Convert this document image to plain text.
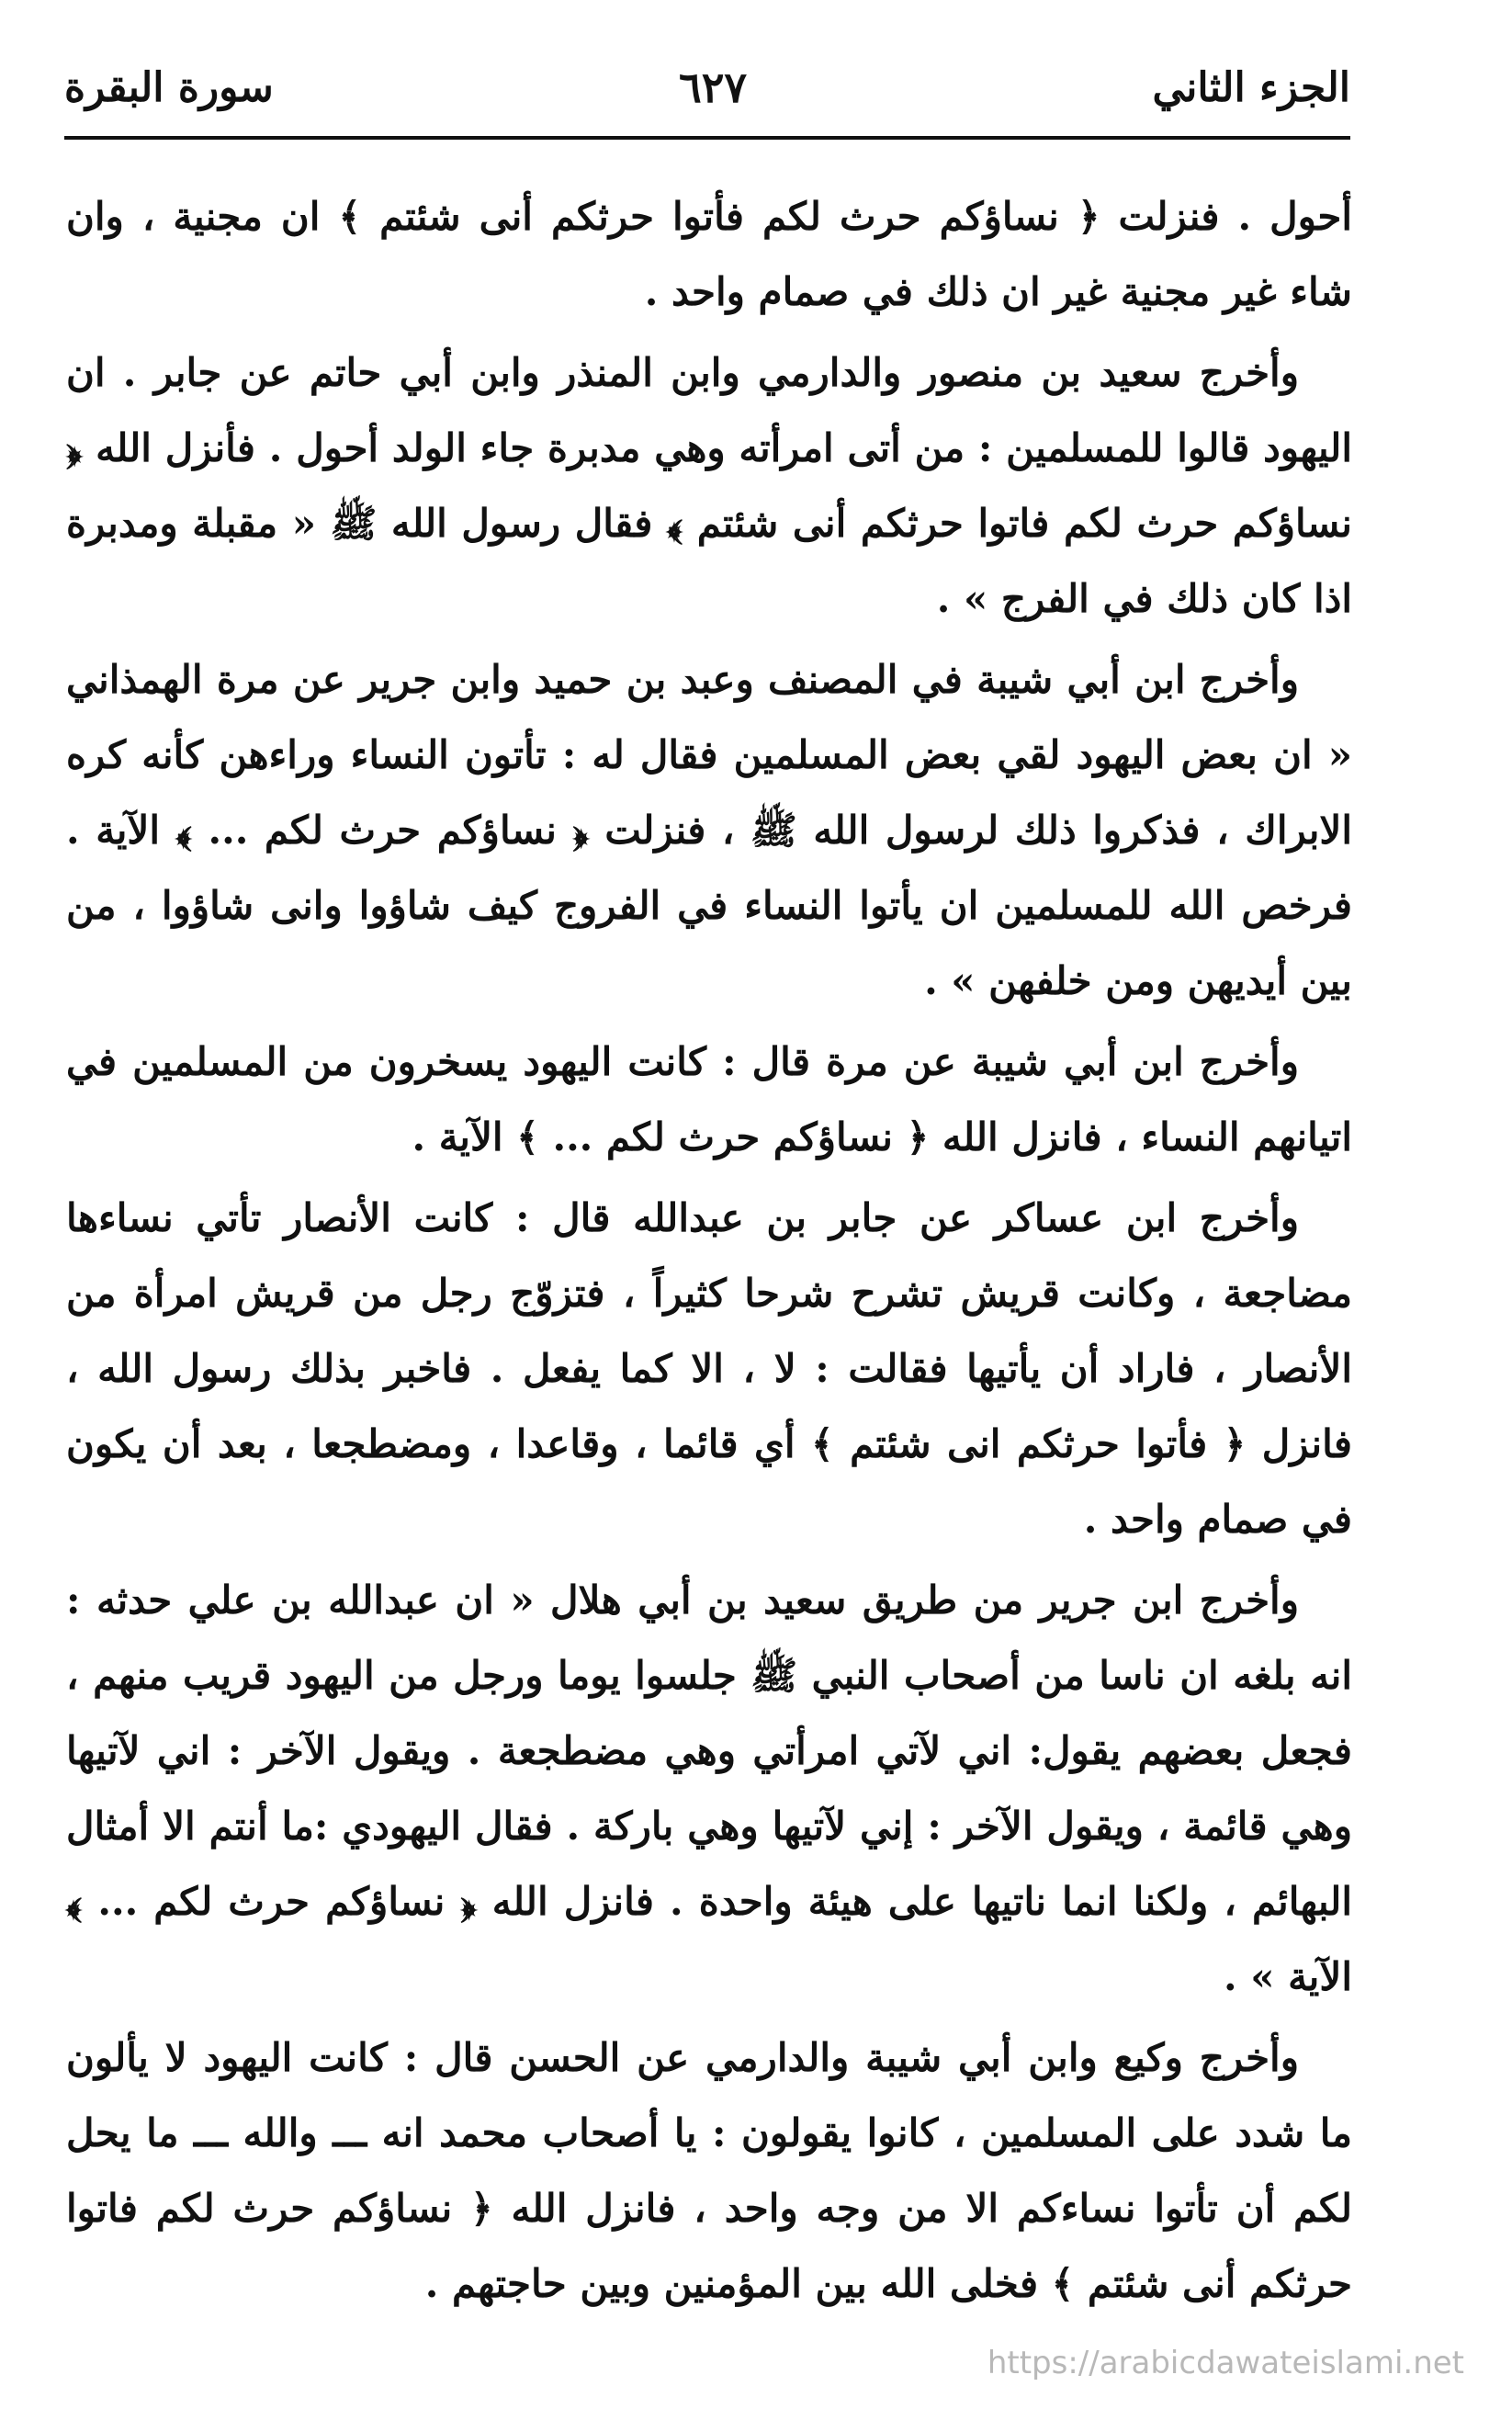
الجزء الثاني
٦٢٧
سورة البقرة

أحول . فنزلت ﴿ نساؤكم حرث لكم فأتوا حرثكم أنى شئتم ﴾ ان مجنية ، وان شاء غير مجنية غير ان ذلك في صمام واحد .

وأخرج سعيد بن منصور والدارمي وابن المنذر وابن أبي حاتم عن جابر . ان اليهود قالوا للمسلمين : من أتى امرأته وهي مدبرة جاء الولد أحول . فأنزل الله ﴿ نساؤكم حرث لكم فاتوا حرثكم أنى شئتم ﴾ فقال رسول الله ﷺ « مقبلة ومدبرة اذا كان ذلك في الفرج » .

وأخرج ابن أبي شيبة في المصنف وعبد بن حميد وابن جرير عن مرة الهمذاني « ان بعض اليهود لقي بعض المسلمين فقال له : تأتون النساء وراءهن كأنه كره الابراك ، فذكروا ذلك لرسول الله ﷺ ، فنزلت ﴿ نساؤكم حرث لكم ... ﴾ الآية . فرخص الله للمسلمين ان يأتوا النساء في الفروج كيف شاؤوا وانى شاؤوا ، من بين أيديهن ومن خلفهن » .

وأخرج ابن أبي شيبة عن مرة قال : كانت اليهود يسخرون من المسلمين في اتيانهم النساء ، فانزل الله ﴿ نساؤكم حرث لكم ... ﴾ الآية .

وأخرج ابن عساكر عن جابر بن عبدالله قال : كانت الأنصار تأتي نساءها مضاجعة ، وكانت قريش تشرح شرحا كثيراً ، فتزوّج رجل من قريش امرأة من الأنصار ، فاراد أن يأتيها فقالت : لا ، الا كما يفعل . فاخبر بذلك رسول الله ، فانزل ﴿ فأتوا حرثكم انى شئتم ﴾ أي قائما ، وقاعدا ، ومضطجعا ، بعد أن يكون في صمام واحد .

وأخرج ابن جرير من طريق سعيد بن أبي هلال « ان عبدالله بن علي حدثه : انه بلغه ان ناسا من أصحاب النبي ﷺ جلسوا يوما ورجل من اليهود قريب منهم ، فجعل بعضهم يقول: اني لآتي امرأتي وهي مضطجعة . ويقول الآخر : اني لآتيها وهي قائمة ، ويقول الآخر : إني لآتيها وهي باركة . فقال اليهودي :ما أنتم الا أمثال البهائم ، ولكنا انما ناتيها على هيئة واحدة . فانزل الله ﴿ نساؤكم حرث لكم ... ﴾ الآية » .

وأخرج وكيع وابن أبي شيبة والدارمي عن الحسن قال : كانت اليهود لا يألون ما شدد على المسلمين ، كانوا يقولون : يا أصحاب محمد انه ـــ والله ـــ ما يحل لكم أن تأتوا نساءكم الا من وجه واحد ، فانزل الله ﴿ نساؤكم حرث لكم فاتوا حرثكم أنى شئتم ﴾ فخلى الله بين المؤمنين وبين حاجتهم .

https://arabicdawateislami.net
